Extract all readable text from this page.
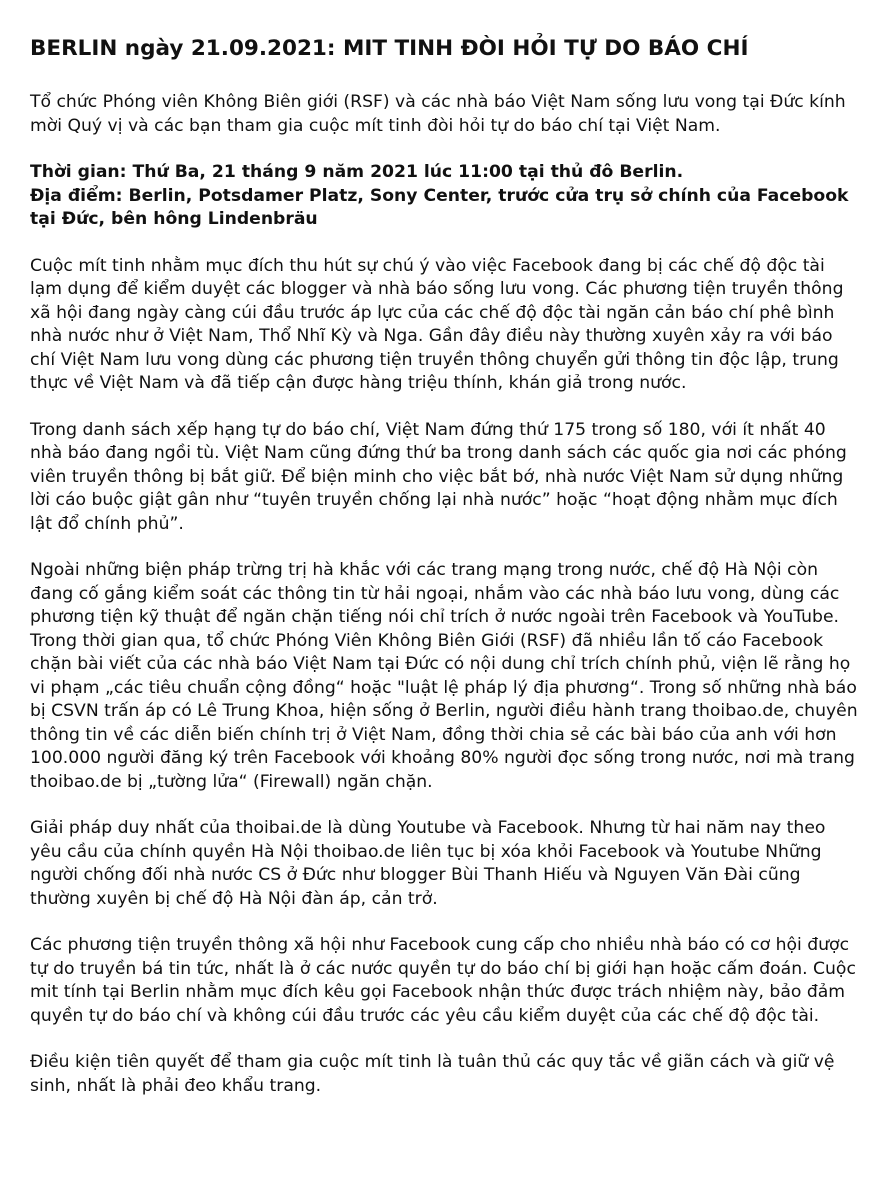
BERLIN ngày 21.09.2021: MIT TINH ĐÒI HỎI TỰ DO BÁO CHÍ

Tổ chức Phóng viên Không Biên giới (RSF) và các nhà báo Việt Nam sống lưu vong tại Đức kính mời Quý vị và các bạn tham gia cuộc mít tinh đòi hỏi tự do báo chí tại Việt Nam.

Thời gian: Thứ Ba, 21 tháng 9 năm 2021 lúc 11:00 tại thủ đô Berlin.
Địa điểm: Berlin, Potsdamer Platz, Sony Center, trước cửa trụ sở chính của Facebook tại Đức, bên hông Lindenbräu

Cuộc mít tinh nhằm mục đích thu hút sự chú ý vào việc Facebook đang bị các chế độ độc tài lạm dụng để kiểm duyệt các blogger và nhà báo sống lưu vong. Các phương tiện truyền thông xã hội đang ngày càng cúi đầu trước áp lực của các chế độ độc tài ngăn cản báo chí phê bình nhà nước như ở Việt Nam, Thổ Nhĩ Kỳ và Nga. Gần đây điều này thường xuyên xảy ra với báo chí Việt Nam lưu vong dùng các phương tiện truyền thông chuyển gửi thông tin độc lập, trung thực về Việt Nam và đã tiếp cận được hàng triệu thính, khán giả trong nước.

Trong danh sách xếp hạng tự do báo chí, Việt Nam đứng thứ 175 trong số 180, với ít nhất 40 nhà báo đang ngồi tù. Việt Nam cũng đứng thứ ba trong danh sách các quốc gia nơi các phóng viên truyền thông bị bắt giữ. Để biện minh cho việc bắt bớ, nhà nước Việt Nam sử dụng những lời cáo buộc giật gân như “tuyên truyền chống lại nhà nước” hoặc “hoạt động nhằm mục đích lật đổ chính phủ”.

Ngoài những biện pháp trừng trị hà khắc với các trang mạng trong nước, chế độ Hà Nội còn đang cố gắng kiểm soát các thông tin từ hải ngoại, nhắm vào các nhà báo lưu vong, dùng các phương tiện kỹ thuật để ngăn chặn tiếng nói chỉ trích ở nước ngoài trên Facebook và YouTube. Trong thời gian qua, tổ chức Phóng Viên Không Biên Giới (RSF) đã nhiều lần tố cáo Facebook chặn bài viết của các nhà báo Việt Nam tại Đức có nội dung chỉ trích chính phủ, viện lẽ rằng họ vi phạm „các tiêu chuẩn cộng đồng“ hoặc "luật lệ pháp lý địa phương“. Trong số những nhà báo bị CSVN trấn áp có Lê Trung Khoa, hiện sống ở Berlin, người điều hành trang thoibao.de, chuyên thông tin về các diễn biến chính trị ở Việt Nam, đồng thời chia sẻ các bài báo của anh với hơn 100.000 người đăng ký trên Facebook với khoảng 80% người đọc sống trong nước, nơi mà trang thoibao.de bị „tường lửa“ (Firewall) ngăn chặn.

Giải pháp duy nhất của thoibai.de là dùng Youtube và Facebook. Nhưng từ hai năm nay theo yêu cầu của chính quyền Hà Nội thoibao.de liên tục bị xóa khỏi Facebook và Youtube Những người chống đối nhà nước CS ở Đức như blogger Bùi Thanh Hiếu và Nguyen Văn Đài cũng thường xuyên bị chế độ Hà Nội đàn áp, cản trở.

Các phương tiện truyền thông xã hội như Facebook cung cấp cho nhiều nhà báo có cơ hội được tự do truyền bá tin tức, nhất là ở các nước quyền tự do báo chí bị giới hạn hoặc cấm đoán. Cuộc mit tính tại Berlin nhằm mục đích kêu gọi Facebook nhận thức được trách nhiệm này, bảo đảm quyền tự do báo chí và không cúi đầu trước các yêu cầu kiểm duyệt của các chế độ độc tài.

Điều kiện tiên quyết để tham gia cuộc mít tinh là tuân thủ các quy tắc về giãn cách và giữ vệ sinh, nhất là phải đeo khẩu trang.
